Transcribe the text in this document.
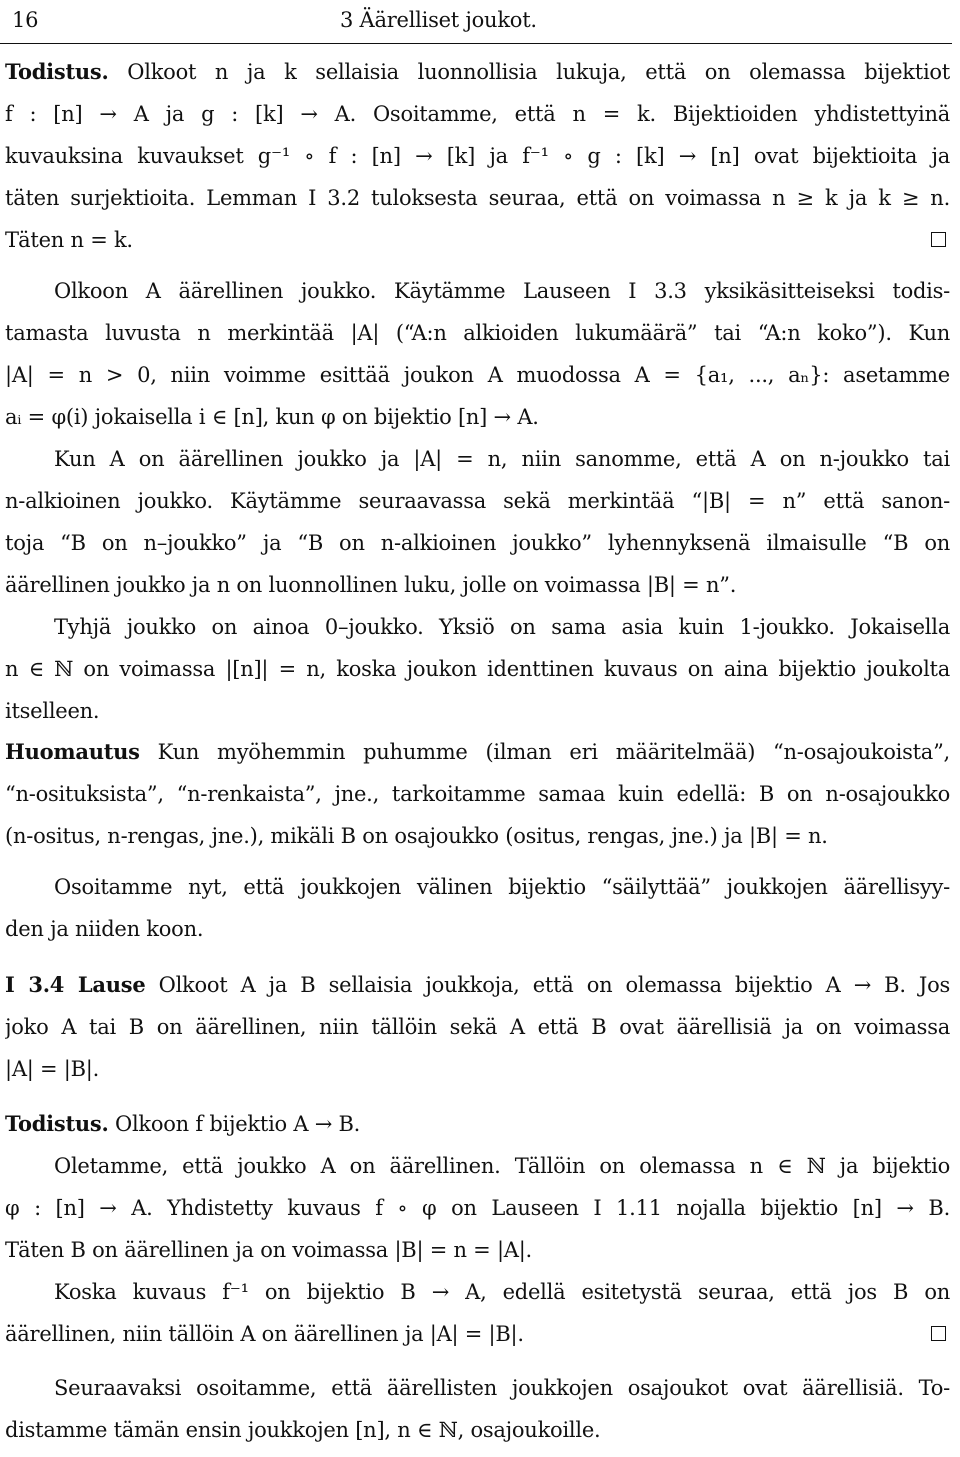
16	3 Äärelliset joukot.
Todistus. Olkoot n ja k sellaisia luonnollisia lukuja, että on olemassa bijektiot
f : [n] → A ja g : [k] → A. Osoitamme, että n = k. Bijektioiden yhdistettyinä
kuvauksina kuvaukset g⁻¹ ∘ f : [n] → [k] ja f⁻¹ ∘ g : [k] → [n] ovat bijektioita ja
täten surjektioita. Lemman I 3.2 tuloksesta seuraa, että on voimassa n ≥ k ja k ≥ n.
Täten n = k.
Olkoon A äärellinen joukko. Käytämme Lauseen I 3.3 yksikäsitteiseksi todis-
tamasta luvusta n merkintää |A| (“A:n alkioiden lukumäärä” tai “A:n koko”). Kun
|A| = n > 0, niin voimme esittää joukon A muodossa A = {a₁, ..., aₙ}: asetamme
aᵢ = φ(i) jokaisella i ∈ [n], kun φ on bijektio [n] → A.
Kun A on äärellinen joukko ja |A| = n, niin sanomme, että A on n-joukko tai
n-alkioinen joukko. Käytämme seuraavassa sekä merkintää “|B| = n” että sanon-
toja “B on n–joukko” ja “B on n-alkioinen joukko” lyhennyksenä ilmaisulle “B on
äärellinen joukko ja n on luonnollinen luku, jolle on voimassa |B| = n”.
Tyhjä joukko on ainoa 0–joukko. Yksiö on sama asia kuin 1-joukko. Jokaisella
n ∈ ℕ on voimassa |[n]| = n, koska joukon identtinen kuvaus on aina bijektio joukolta
itselleen.
Huomautus Kun myöhemmin puhumme (ilman eri määritelmää) “n-osajoukoista”,
“n-osituksista”, “n-renkaista”, jne., tarkoitamme samaa kuin edellä: B on n-osajoukko
(n-ositus, n-rengas, jne.), mikäli B on osajoukko (ositus, rengas, jne.) ja |B| = n.
Osoitamme nyt, että joukkojen välinen bijektio “säilyttää” joukkojen äärellisyy-
den ja niiden koon.
I 3.4 Lause Olkoot A ja B sellaisia joukkoja, että on olemassa bijektio A → B. Jos
joko A tai B on äärellinen, niin tällöin sekä A että B ovat äärellisiä ja on voimassa
|A| = |B|.
Todistus. Olkoon f bijektio A → B.
Oletamme, että joukko A on äärellinen. Tällöin on olemassa n ∈ ℕ ja bijektio
φ : [n] → A. Yhdistetty kuvaus f ∘ φ on Lauseen I 1.11 nojalla bijektio [n] → B.
Täten B on äärellinen ja on voimassa |B| = n = |A|.
Koska kuvaus f⁻¹ on bijektio B → A, edellä esitetystä seuraa, että jos B on
äärellinen, niin tällöin A on äärellinen ja |A| = |B|.
Seuraavaksi osoitamme, että äärellisten joukkojen osajoukot ovat äärellisiä. To-
distamme tämän ensin joukkojen [n], n ∈ ℕ, osajoukoille.
